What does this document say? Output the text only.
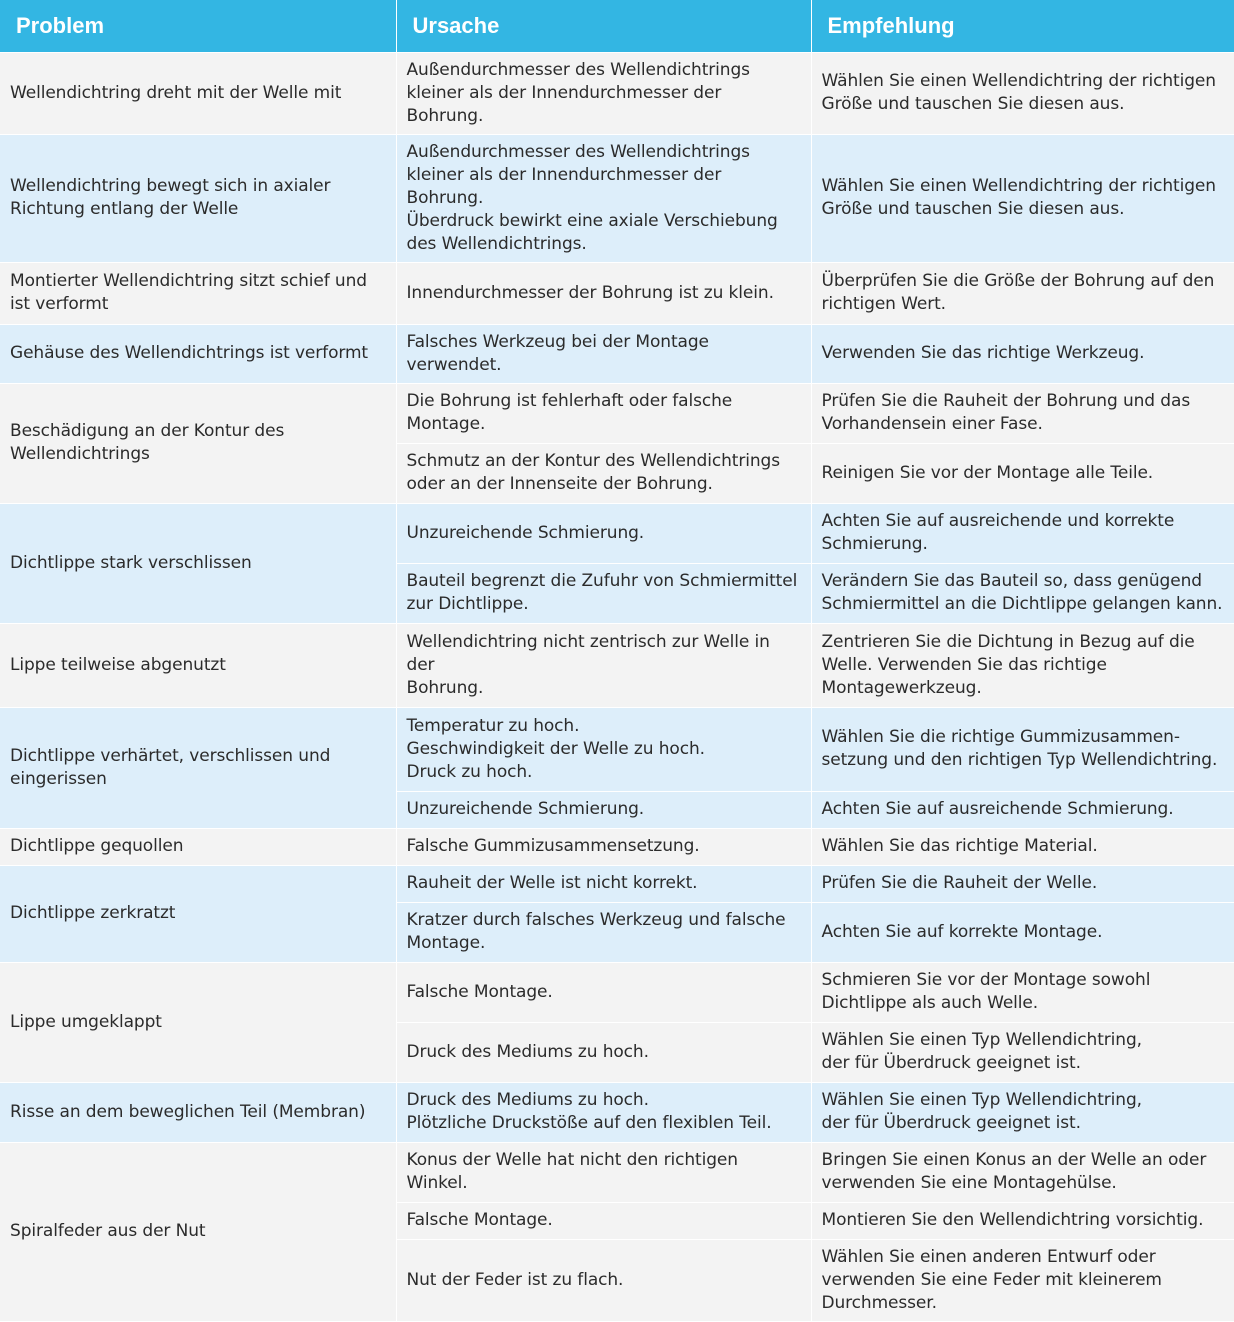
Problem	Ursache	Empfehlung
Wellendichtring dreht mit der Welle mit	Außendurchmesser des Wellendichtrings
kleiner als der Innendurchmesser der Bohrung.	Wählen Sie einen Wellendichtring der richtigen
Größe und tauschen Sie diesen aus.
Wellendichtring bewegt sich in axialer
Richtung entlang der Welle	Außendurchmesser des Wellendichtrings
kleiner als der Innendurchmesser der Bohrung.
Überdruck bewirkt eine axiale Verschiebung
des Wellendichtrings.	Wählen Sie einen Wellendichtring der richtigen
Größe und tauschen Sie diesen aus.
Montierter Wellendichtring sitzt schief und
ist verformt	Innendurchmesser der Bohrung ist zu klein.	Überprüfen Sie die Größe der Bohrung auf den
richtigen Wert.
Gehäuse des Wellendichtrings ist verformt	Falsches Werkzeug bei der Montage
verwendet.	Verwenden Sie das richtige Werkzeug.
Beschädigung an der Kontur des
Wellendichtrings	Die Bohrung ist fehlerhaft oder falsche
Montage.	Prüfen Sie die Rauheit der Bohrung und das
Vorhandensein einer Fase.
	Schmutz an der Kontur des Wellendichtrings
oder an der Innenseite der Bohrung.	Reinigen Sie vor der Montage alle Teile.
Dichtlippe stark verschlissen	Unzureichende Schmierung.	Achten Sie auf ausreichende und korrekte
Schmierung.
	Bauteil begrenzt die Zufuhr von Schmiermittel
zur Dichtlippe.	Verändern Sie das Bauteil so, dass genügend
Schmiermittel an die Dichtlippe gelangen kann.
Lippe teilweise abgenutzt	Wellendichtring nicht zentrisch zur Welle in der
Bohrung.	Zentrieren Sie die Dichtung in Bezug auf die
Welle. Verwenden Sie das richtige
Montagewerkzeug.
Dichtlippe verhärtet, verschlissen und
eingerissen	Temperatur zu hoch.
Geschwindigkeit der Welle zu hoch.
Druck zu hoch.	Wählen Sie die richtige Gummizusammen-
setzung und den richtigen Typ Wellendichtring.
	Unzureichende Schmierung.	Achten Sie auf ausreichende Schmierung.
Dichtlippe gequollen	Falsche Gummizusammensetzung.	Wählen Sie das richtige Material.
Dichtlippe zerkratzt	Rauheit der Welle ist nicht korrekt.	Prüfen Sie die Rauheit der Welle.
	Kratzer durch falsches Werkzeug und falsche
Montage.	Achten Sie auf korrekte Montage.
Lippe umgeklappt	Falsche Montage.	Schmieren Sie vor der Montage sowohl
Dichtlippe als auch Welle.
	Druck des Mediums zu hoch.	Wählen Sie einen Typ Wellendichtring,
der für Überdruck geeignet ist.
Risse an dem beweglichen Teil (Membran)	Druck des Mediums zu hoch.
Plötzliche Druckstöße auf den flexiblen Teil.	Wählen Sie einen Typ Wellendichtring,
der für Überdruck geeignet ist.
Spiralfeder aus der Nut	Konus der Welle hat nicht den richtigen
Winkel.	Bringen Sie einen Konus an der Welle an oder
verwenden Sie eine Montagehülse.
	Falsche Montage.	Montieren Sie den Wellendichtring vorsichtig.
	Nut der Feder ist zu flach.	Wählen Sie einen anderen Entwurf oder
verwenden Sie eine Feder mit kleinerem
Durchmesser.
